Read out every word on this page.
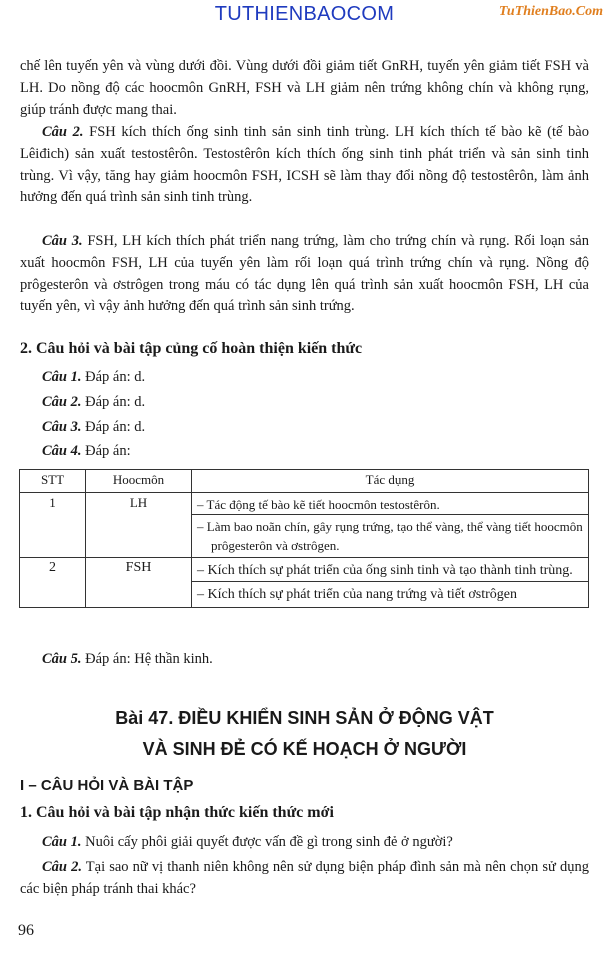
TUTHIENBAOCOM	TuThienBao.Com
chế lên tuyến yên và vùng dưới đồi. Vùng dưới đồi giảm tiết GnRH, tuyến yên giảm tiết FSH và LH. Do nồng độ các hoocmôn GnRH, FSH và LH giảm nên trứng không chín và không rụng, giúp tránh được mang thai.
Câu 2. FSH kích thích ống sinh tinh sản sinh tinh trùng. LH kích thích tế bào kẽ (tế bào Lêiđich) sản xuất testostêrôn. Testostêrôn kích thích ống sinh tinh phát triển và sản sinh tinh trùng. Vì vậy, tăng hay giảm hoocmôn FSH, ICSH sẽ làm thay đổi nồng độ testostêrôn, làm ảnh hưởng đến quá trình sản sinh tinh trùng.
Câu 3. FSH, LH kích thích phát triển nang trứng, làm cho trứng chín và rụng. Rối loạn sản xuất hoocmôn FSH, LH của tuyến yên làm rối loạn quá trình trứng chín và rụng. Nồng độ prôgesterôn và ơstrôgen trong máu có tác dụng lên quá trình sản xuất hoocmôn FSH, LH của tuyến yên, vì vậy ảnh hưởng đến quá trình sản sinh trứng.
2. Câu hỏi và bài tập củng cố hoàn thiện kiến thức
Câu 1. Đáp án: d.
Câu 2. Đáp án: d.
Câu 3. Đáp án: d.
Câu 4. Đáp án:
STT	Hoocmôn	Tác dụng
1	LH	– Tác động tế bào kẽ tiết hoocmôn testostêrôn.
– Làm bao noãn chín, gây rụng trứng, tạo thể vàng, thể vàng tiết hoocmôn prôgesterôn và ơstrôgen.

2	FSH	– Kích thích sự phát triển của ống sinh tinh và tạo thành tinh trùng.
– Kích thích sự phát triển của nang trứng và tiết ơstrôgen
Câu 5. Đáp án: Hệ thần kinh.
Bài 47. ĐIỀU KHIỂN SINH SẢN Ở ĐỘNG VẬT
VÀ SINH ĐẺ CÓ KẾ HOẠCH Ở NGƯỜI
I – CÂU HỎI VÀ BÀI TẬP
1. Câu hỏi và bài tập nhận thức kiến thức mới
Câu 1. Nuôi cấy phôi giải quyết được vấn đề gì trong sinh đẻ ở người?
Câu 2. Tại sao nữ vị thanh niên không nên sử dụng biện pháp đình sản mà nên chọn sử dụng các biện pháp tránh thai khác?
96
